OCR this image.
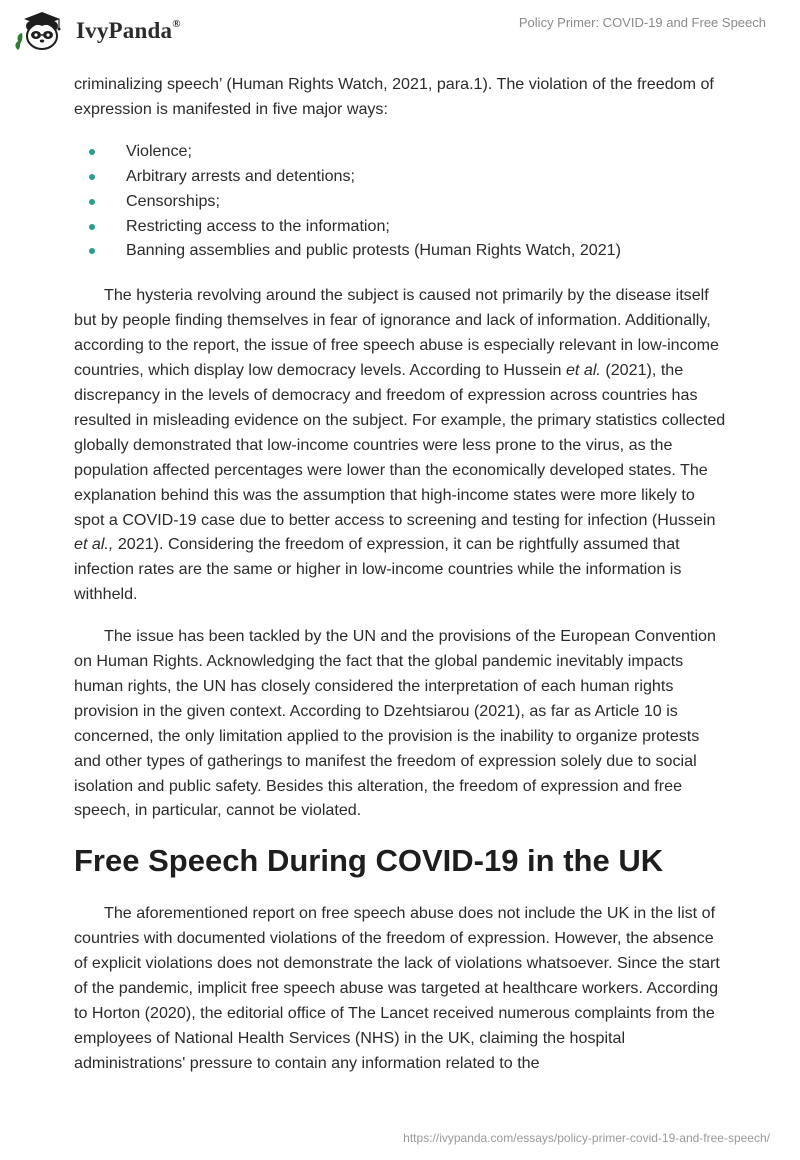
IvyPanda®	Policy Primer: COVID-19 and Free Speech

criminalizing speech’ (Human Rights Watch, 2021, para.1). The violation of the freedom of expression is manifested in five major ways:

Violence;
Arbitrary arrests and detentions;
Censorships;
Restricting access to the information;
Banning assemblies and public protests (Human Rights Watch, 2021)

The hysteria revolving around the subject is caused not primarily by the disease itself but by people finding themselves in fear of ignorance and lack of information. Additionally, according to the report, the issue of free speech abuse is especially relevant in low-income countries, which display low democracy levels. According to Hussein et al. (2021), the discrepancy in the levels of democracy and freedom of expression across countries has resulted in misleading evidence on the subject. For example, the primary statistics collected globally demonstrated that low-income countries were less prone to the virus, as the population affected percentages were lower than the economically developed states. The explanation behind this was the assumption that high-income states were more likely to spot a COVID-19 case due to better access to screening and testing for infection (Hussein et al., 2021). Considering the freedom of expression, it can be rightfully assumed that infection rates are the same or higher in low-income countries while the information is withheld.

The issue has been tackled by the UN and the provisions of the European Convention on Human Rights. Acknowledging the fact that the global pandemic inevitably impacts human rights, the UN has closely considered the interpretation of each human rights provision in the given context. According to Dzehtsiarou (2021), as far as Article 10 is concerned, the only limitation applied to the provision is the inability to organize protests and other types of gatherings to manifest the freedom of expression solely due to social isolation and public safety. Besides this alteration, the freedom of expression and free speech, in particular, cannot be violated.

Free Speech During COVID-19 in the UK

The aforementioned report on free speech abuse does not include the UK in the list of countries with documented violations of the freedom of expression. However, the absence of explicit violations does not demonstrate the lack of violations whatsoever. Since the start of the pandemic, implicit free speech abuse was targeted at healthcare workers. According to Horton (2020), the editorial office of The Lancet received numerous complaints from the employees of National Health Services (NHS) in the UK, claiming the hospital administrations' pressure to contain any information related to the

https://ivypanda.com/essays/policy-primer-covid-19-and-free-speech/
